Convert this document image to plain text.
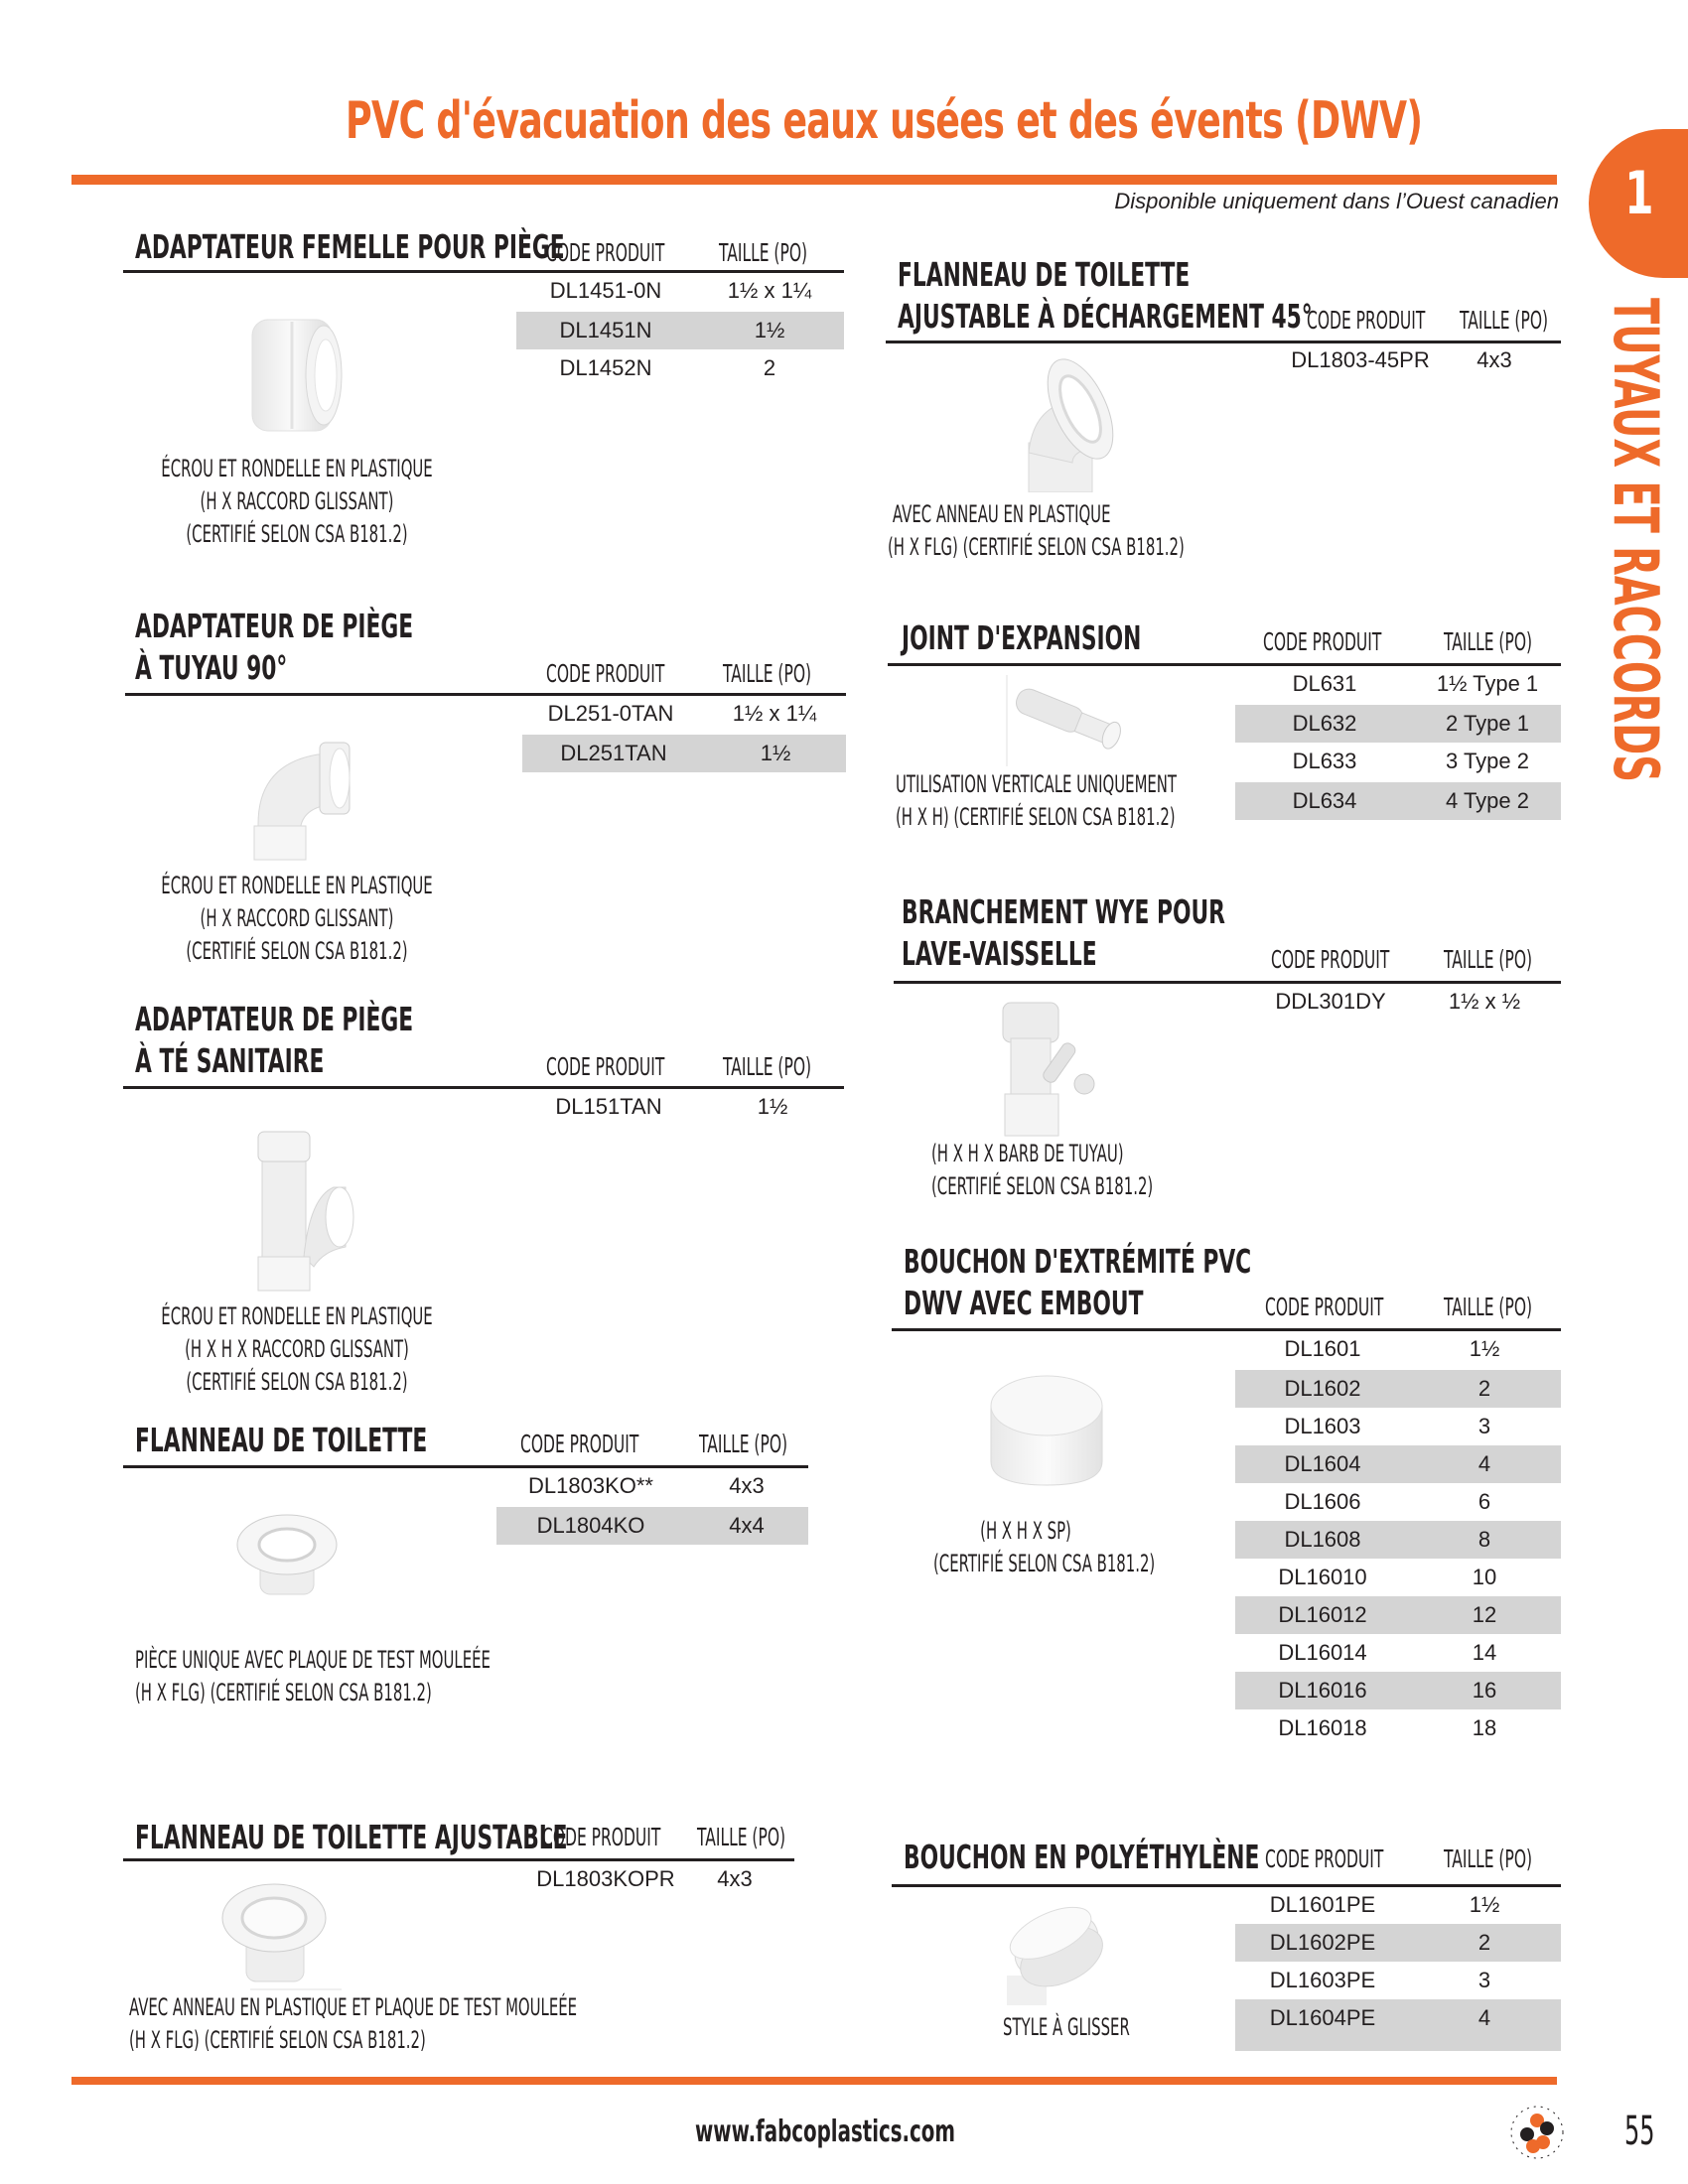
PVC d'évacuation des eaux usées et des évents (DWV)
Disponible uniquement dans l’Ouest canadien 1
TUYAUX ET RACCORDS
ADAPTATEUR FEMELLE POUR PIÈGE
CODE PRODUIT TAILLE (PO)
DL1451-0N	1½ x 1¼
DL1451N	1½
DL1452N	2
ÉCROU ET RONDELLE EN PLASTIQUE
(H X RACCORD GLISSANT)
(CERTIFIÉ SELON CSA B181.2)
ADAPTATEUR DE PIÈGE
À TUYAU 90°	CODE PRODUIT TAILLE (PO)
DL251-0TAN	1½ x 1¼
DL251TAN	1½
ÉCROU ET RONDELLE EN PLASTIQUE
(H X RACCORD GLISSANT)
(CERTIFIÉ SELON CSA B181.2)
ADAPTATEUR DE PIÈGE
À TÉ SANITAIRE	CODE PRODUIT TAILLE (PO)
DL151TAN	1½
ÉCROU ET RONDELLE EN PLASTIQUE
(H X H X RACCORD GLISSANT)
(CERTIFIÉ SELON CSA B181.2)
FLANNEAU DE TOILETTE	CODE PRODUIT TAILLE (PO)
DL1803KO**	4x3
DL1804KO	4x4
PIÈCE UNIQUE AVEC PLAQUE DE TEST MOULEÉE
(H X FLG) (CERTIFIÉ SELON CSA B181.2)
FLANNEAU DE TOILETTE AJUSTABLE
CODE PRODUIT TAILLE (PO)
DL1803KOPR	4x3
AVEC ANNEAU EN PLASTIQUE ET PLAQUE DE TEST MOULEÉE
(H X FLG) (CERTIFIÉ SELON CSA B181.2)
FLANNEAU DE TOILETTE
AJUSTABLE À DÉCHARGEMENT 45°
CODE PRODUIT TAILLE (PO)
DL1803-45PR	4x3
AVEC ANNEAU EN PLASTIQUE
(H X FLG) (CERTIFIÉ SELON CSA B181.2)
JOINT D'EXPANSION	CODE PRODUIT	TAILLE (PO)
DL631	1½ Type 1
DL632	2 Type 1
DL633	3 Type 2
DL634	4 Type 2
UTILISATION VERTICALE UNIQUEMENT
(H X H) (CERTIFIÉ SELON CSA B181.2)
BRANCHEMENT WYE POUR
LAVE-VAISSELLE	CODE PRODUIT TAILLE (PO)
DDL301DY	1½ x ½
(H X H X BARB DE TUYAU)
(CERTIFIÉ SELON CSA B181.2)
BOUCHON D'EXTRÉMITÉ PVC
DWV AVEC EMBOUT	CODE PRODUIT TAILLE (PO)
DL1601	1½
DL1602	2
DL1603	3
DL1604	4
DL1606	6
DL1608	8
DL16010	10
DL16012	12
DL16014	14
DL16016	16
DL16018	18
(H X H X SP)
(CERTIFIÉ SELON CSA B181.2)
BOUCHON EN POLYÉTHYLÈNE CODE PRODUIT TAILLE (PO)
DL1601PE	1½
DL1602PE	2
DL1603PE	3
DL1604PE	4
STYLE À GLISSER
www.fabcoplastics.com	55
